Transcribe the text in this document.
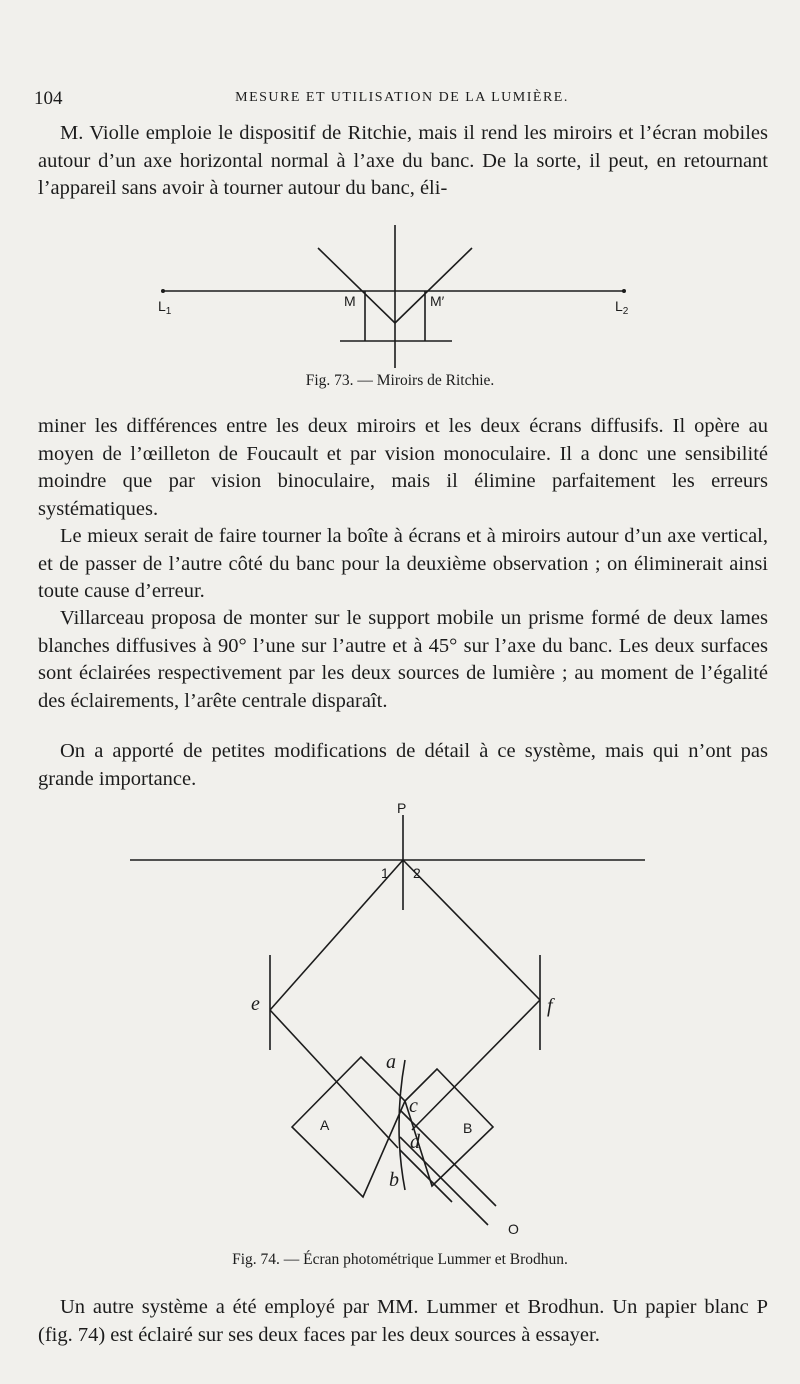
104	MESURE ET UTILISATION DE LA LUMIÈRE.
M. Violle emploie le dispositif de Ritchie, mais il rend les miroirs et l’écran mobiles autour d’un axe horizontal normal à l’axe du banc. De la sorte, il peut, en retournant l’appareil sans avoir à tourner autour du banc, éli-
$L_1$
M	M′	$L_2$
Fig. 73. — Miroirs de Ritchie.
miner les différences entre les deux miroirs et les deux écrans diffusifs. Il opère au moyen de l’œilleton de Foucault et par vision monoculaire. Il a donc une sensibilité moindre que par vision binoculaire, mais il élimine parfaitement les erreurs systématiques.
Le mieux serait de faire tourner la boîte à écrans et à miroirs autour d’un axe vertical, et de passer de l’autre côté du banc pour la deuxième observation ; on éliminerait ainsi toute cause d’erreur.
Villarceau proposa de monter sur le support mobile un prisme formé de deux lames blanches diffusives à 90° l’une sur l’autre et à 45° sur l’axe du banc. Les deux surfaces sont éclairées respectivement par les deux sources de lumière ; au moment de l’égalité des éclairements, l’arête centrale disparaît.
On a apporté de petites modifications de détail à ce système, mais qui n’ont pas grande importance.
P
1 2
e	f
a
c
d
b
A	B
O
Fig. 74. — Écran photométrique Lummer et Brodhun.
Un autre système a été employé par MM. Lummer et Brodhun. Un papier blanc P (fig. 74) est éclairé sur ses deux faces par les deux sources à essayer.
